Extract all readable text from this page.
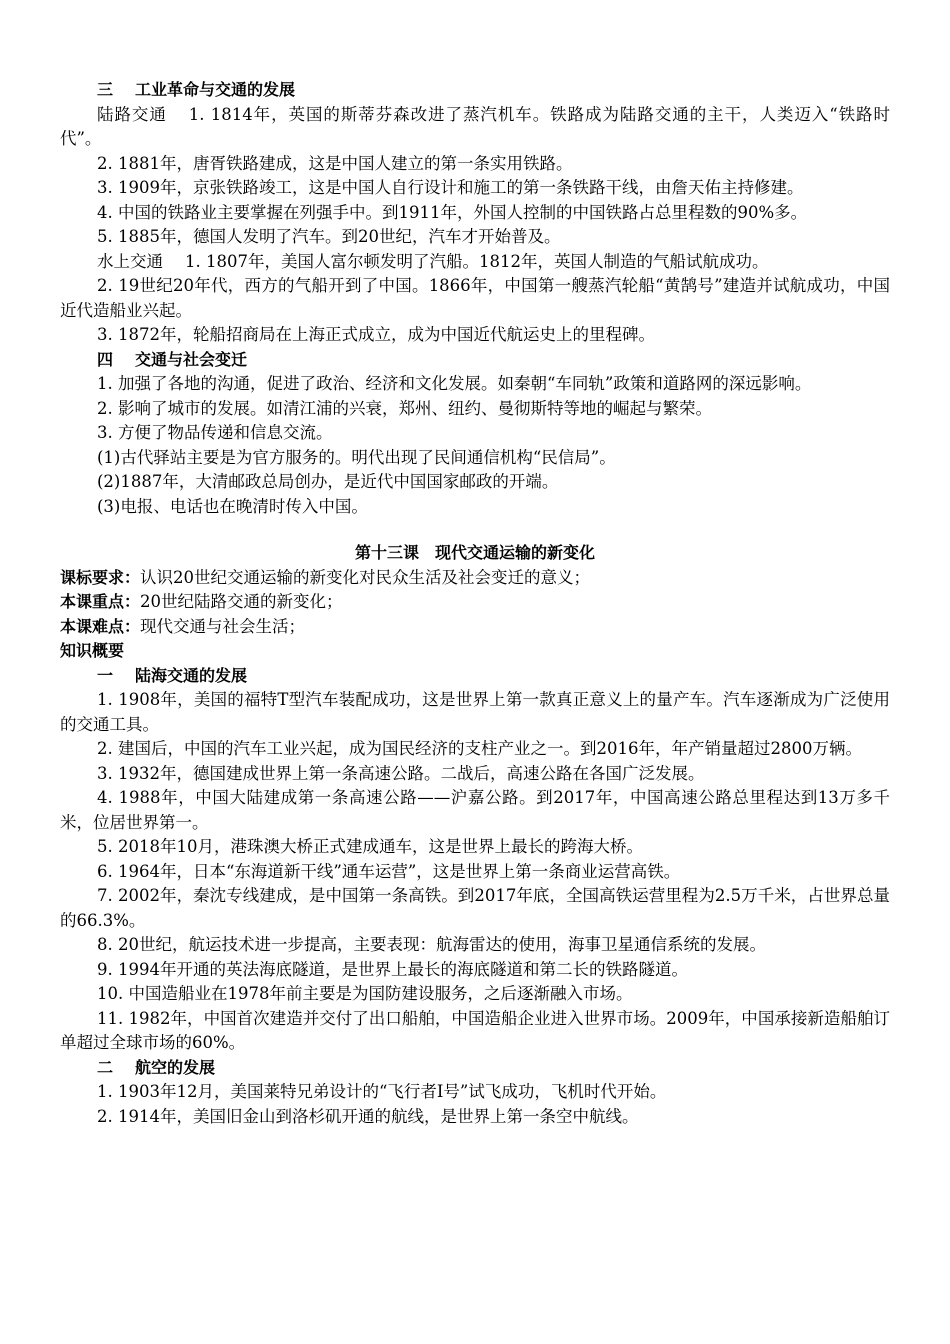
三 工业革命与交通的发展

陆路交通 1. 1814年，英国的斯蒂芬森改进了蒸汽机车。铁路成为陆路交通的主干，人类迈入“铁路时代”。

2. 1881年，唐胥铁路建成，这是中国人建立的第一条实用铁路。

3. 1909年，京张铁路竣工，这是中国人自行设计和施工的第一条铁路干线，由詹天佑主持修建。

4. 中国的铁路业主要掌握在列强手中。到1911年，外国人控制的中国铁路占总里程数的90%多。

5. 1885年，德国人发明了汽车。到20世纪，汽车才开始普及。

水上交通 1. 1807年，美国人富尔顿发明了汽船。1812年，英国人制造的气船试航成功。

2. 19世纪20年代，西方的气船开到了中国。1866年，中国第一艘蒸汽轮船“黄鹄号”建造并试航成功，中国近代造船业兴起。

3. 1872年，轮船招商局在上海正式成立，成为中国近代航运史上的里程碑。

四 交通与社会变迁

1. 加强了各地的沟通，促进了政治、经济和文化发展。如秦朝“车同轨”政策和道路网的深远影响。

2. 影响了城市的发展。如清江浦的兴衰，郑州、纽约、曼彻斯特等地的崛起与繁荣。

3. 方便了物品传递和信息交流。

(1)古代驿站主要是为官方服务的。明代出现了民间通信机构“民信局”。

(2)1887年，大清邮政总局创办，是近代中国国家邮政的开端。

(3)电报、电话也在晚清时传入中国。

第十三课　现代交通运输的新变化

课标要求：认识20世纪交通运输的新变化对民众生活及社会变迁的意义；

本课重点：20世纪陆路交通的新变化；

本课难点：现代交通与社会生活；

知识概要

一 陆海交通的发展

1. 1908年，美国的福特T型汽车装配成功，这是世界上第一款真正意义上的量产车。汽车逐渐成为广泛使用的交通工具。

2. 建国后，中国的汽车工业兴起，成为国民经济的支柱产业之一。到2016年，年产销量超过2800万辆。

3. 1932年，德国建成世界上第一条高速公路。二战后，高速公路在各国广泛发展。

4. 1988年，中国大陆建成第一条高速公路——沪嘉公路。到2017年，中国高速公路总里程达到13万多千米，位居世界第一。

5. 2018年10月，港珠澳大桥正式建成通车，这是世界上最长的跨海大桥。

6. 1964年，日本“东海道新干线”通车运营”，这是世界上第一条商业运营高铁。

7. 2002年，秦沈专线建成，是中国第一条高铁。到2017年底，全国高铁运营里程为2.5万千米，占世界总量的66.3%。

8. 20世纪，航运技术进一步提高，主要表现：航海雷达的使用，海事卫星通信系统的发展。

9. 1994年开通的英法海底隧道，是世界上最长的海底隧道和第二长的铁路隧道。

10. 中国造船业在1978年前主要是为国防建设服务，之后逐渐融入市场。

11. 1982年，中国首次建造并交付了出口船舶，中国造船企业进入世界市场。2009年，中国承接新造船舶订单超过全球市场的60%。

二 航空的发展

1. 1903年12月，美国莱特兄弟设计的“飞行者Ⅰ号”试飞成功，飞机时代开始。

2. 1914年，美国旧金山到洛杉矶开通的航线，是世界上第一条空中航线。
